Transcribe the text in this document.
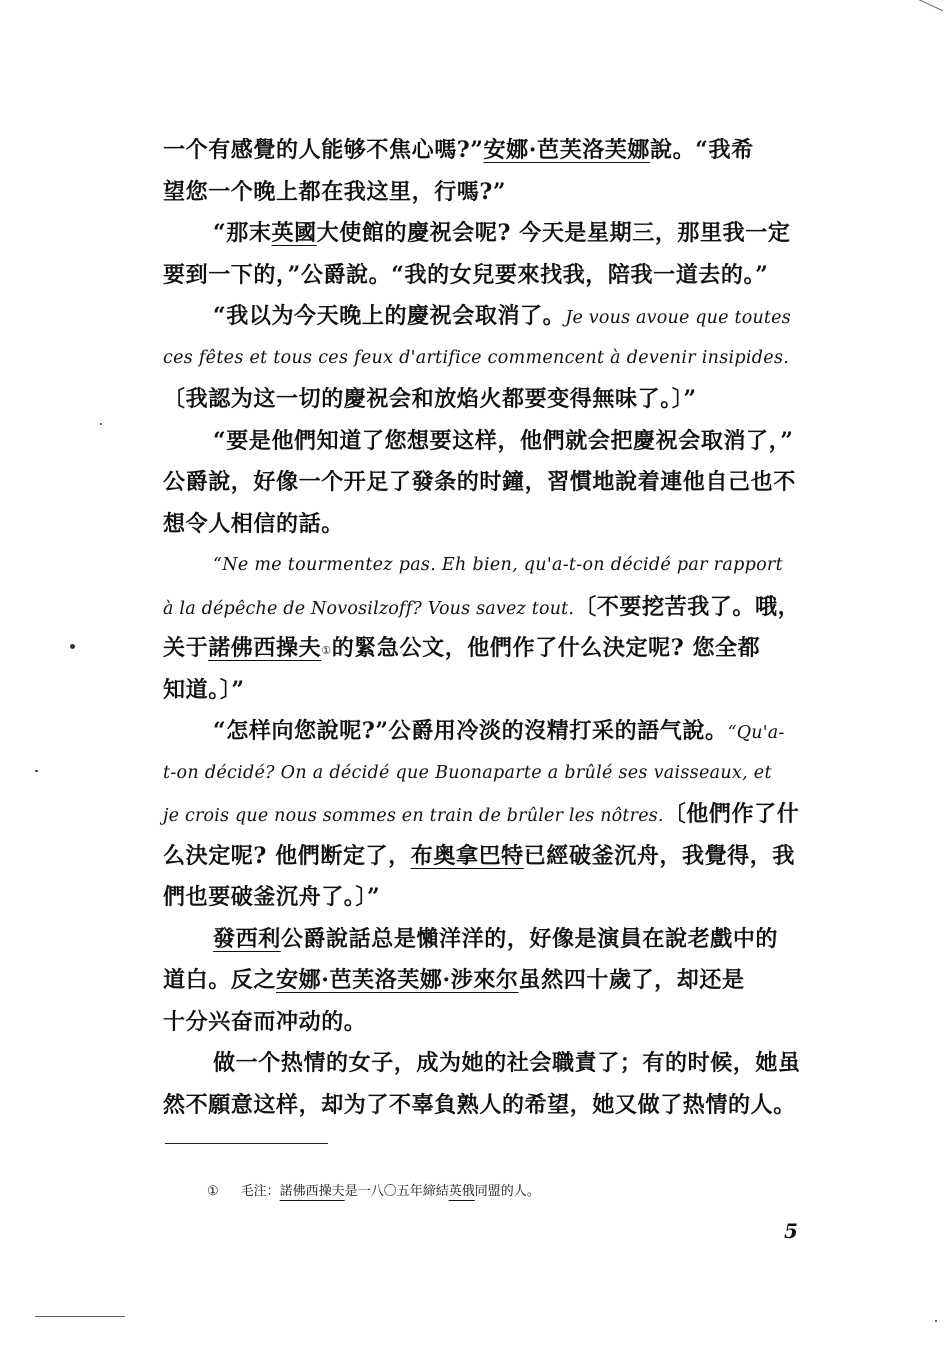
一个有感覺的人能够不焦心嗎?”安娜·芭芙洛芙娜說。“我希
望您一个晚上都在我这里，行嗎?”
“那末英國大使館的慶祝会呢? 今天是星期三，那里我一定
要到一下的，”公爵說。“我的女兒要來找我，陪我一道去的。”
“我以为今天晚上的慶祝会取消了。Je vous avoue que toutes
ces fêtes et tous ces feux d'artifice commencent à devenir insipides.
〔我認为这一切的慶祝会和放焰火都要变得無味了。〕”
“要是他們知道了您想要这样，他們就会把慶祝会取消了，”
公爵說，好像一个开足了發条的时鐘，習慣地說着連他自己也不
想令人相信的話。
“Ne me tourmentez pas. Eh bien, qu'a-t-on décidé par rapport
à la dépêche de Novosilzoff? Vous savez tout.〔不要挖苦我了。哦，
关于諾佛西操夫①的緊急公文，他們作了什么決定呢? 您全都
知道。〕”
“怎样向您說呢?”公爵用冷淡的沒精打采的語气說。“Qu'a-
t-on décidé? On a décidé que Buonaparte a brûlé ses vaisseaux, et
je crois que nous sommes en train de brûler les nôtres.〔他們作了什
么決定呢? 他們断定了，布奥拿巴特已經破釜沉舟，我覺得，我
們也要破釜沉舟了。〕”
發西利公爵說話总是懶洋洋的，好像是演員在說老戲中的
道白。反之安娜·芭芙洛芙娜·涉來尔虽然四十歲了，却还是
十分兴奋而冲动的。
做一个热情的女子，成为她的社会職責了；有的时候，她虽
然不願意这样，却为了不辜負熟人的希望，她又做了热情的人。
① 毛注：諾佛西操夫是一八〇五年締結英俄同盟的人。
5
